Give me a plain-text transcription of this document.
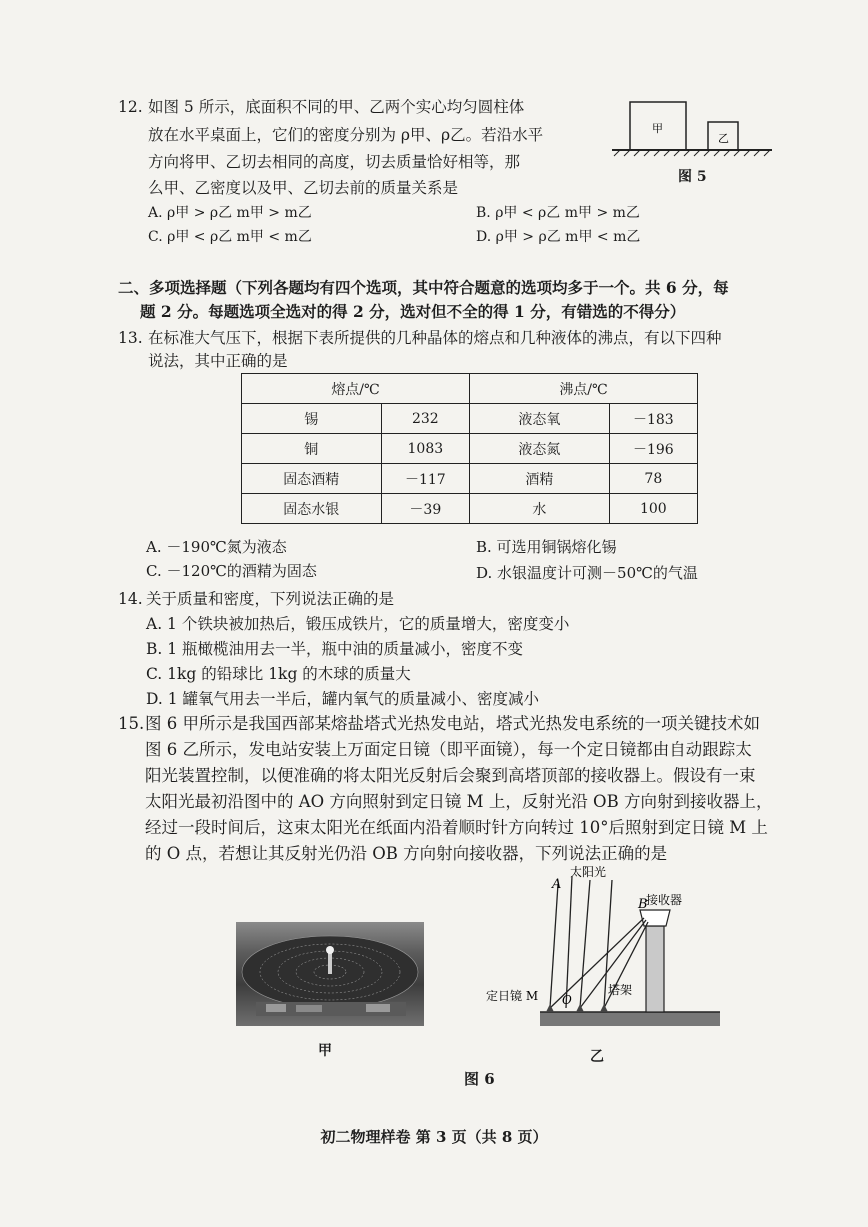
12. 如图 5 所示，底面积不同的甲、乙两个实心均匀圆柱体
放在水平桌面上，它们的密度分别为 ρ甲、ρ乙。若沿水平
方向将甲、乙切去相同的高度，切去质量恰好相等，那
么甲、乙密度以及甲、乙切去前的质量关系是
A. ρ甲 > ρ乙 m甲 > m乙	B. ρ甲 < ρ乙 m甲 > m乙
C. ρ甲 < ρ乙 m甲 < m乙	D. ρ甲 > ρ乙 m甲 < m乙
甲
乙
图 5
二、多项选择题（下列各题均有四个选项，其中符合题意的选项均多于一个。共 6 分，每
题 2 分。每题选项全选对的得 2 分，选对但不全的得 1 分，有错选的不得分）
13. 在标准大气压下，根据下表所提供的几种晶体的熔点和几种液体的沸点，有以下四种
说法，其中正确的是
熔点/℃		沸点/℃	
锡	232	液态氧	－183
铜	1083	液态氮	－196
固态酒精	－117	酒精	78
固态水银	－39	水	100
A. －190℃氮为液态	B. 可选用铜锅熔化锡
C. －120℃的酒精为固态	D. 水银温度计可测－50℃的气温
14. 关于质量和密度，下列说法正确的是
A. 1 个铁块被加热后，锻压成铁片，它的质量增大，密度变小
B. 1 瓶橄榄油用去一半，瓶中油的质量减小，密度不变
C. 1kg 的铅球比 1kg 的木球的质量大
D. 1 罐氧气用去一半后，罐内氧气的质量减小、密度减小
15. 图 6 甲所示是我国西部某熔盐塔式光热发电站，塔式光热发电系统的一项关键技术如
图 6 乙所示，发电站安装上万面定日镜（即平面镜），每一个定日镜都由自动跟踪太
阳光装置控制，以便准确的将太阳光反射后会聚到高塔顶部的接收器上。假设有一束
太阳光最初沿图中的 AO 方向照射到定日镜 M 上，反射光沿 OB 方向射到接收器上，
经过一段时间后，这束太阳光在纸面内沿着顺时针方向转过 10°后照射到定日镜 M 上
的 O 点，若想让其反射光仍沿 OB 方向射向接收器，下列说法正确的是
甲
A
B
O
太阳光
接收器
定日镜 M	塔架
乙
图 6
初二物理样卷 第 3 页（共 8 页）
